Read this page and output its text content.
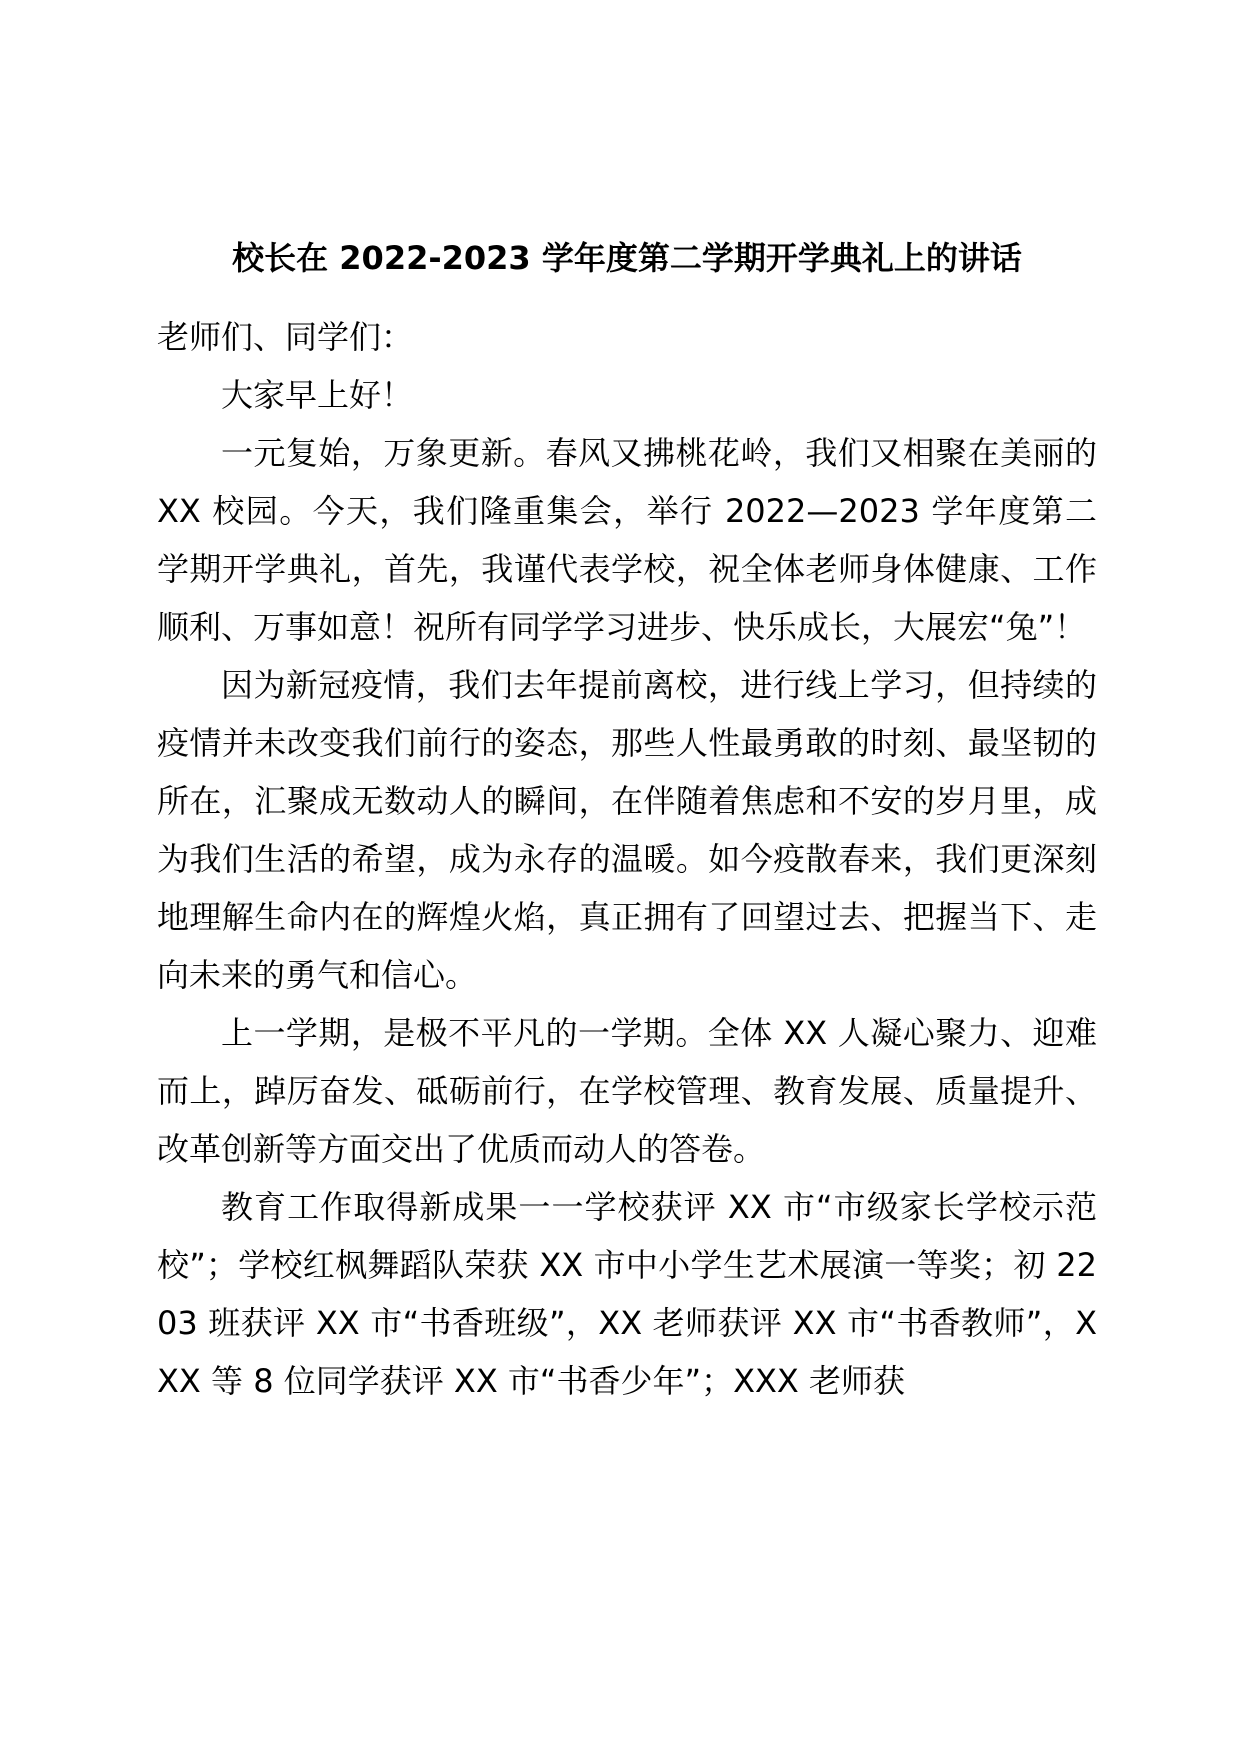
校长在 2022-2023 学年度第二学期开学典礼上的讲话

老师们、同学们：

大家早上好！

一元复始，万象更新。春风又拂桃花岭，我们又相聚在美丽的 XX 校园。今天，我们隆重集会，举行 2022—2023 学年度第二学期开学典礼，首先，我谨代表学校，祝全体老师身体健康、工作顺利、万事如意！祝所有同学学习进步、快乐成长，大展宏“兔”！

因为新冠疫情，我们去年提前离校，进行线上学习，但持续的疫情并未改变我们前行的姿态，那些人性最勇敢的时刻、最坚韧的所在，汇聚成无数动人的瞬间，在伴随着焦虑和不安的岁月里，成为我们生活的希望，成为永存的温暖。如今疫散春来，我们更深刻地理解生命内在的辉煌火焰，真正拥有了回望过去、把握当下、走向未来的勇气和信心。

上一学期，是极不平凡的一学期。全体 XX 人凝心聚力、迎难而上，踔厉奋发、砥砺前行，在学校管理、教育发展、质量提升、改革创新等方面交出了优质而动人的答卷。

教育工作取得新成果一一学校获评 XX 市“市级家长学校示范校”；学校红枫舞蹈队荣获 XX 市中小学生艺术展演一等奖；初 2203 班获评 XX 市“书香班级”，XX 老师获评 XX 市“书香教师”，XXX 等 8 位同学获评 XX 市“书香少年”；XXX 老师获
